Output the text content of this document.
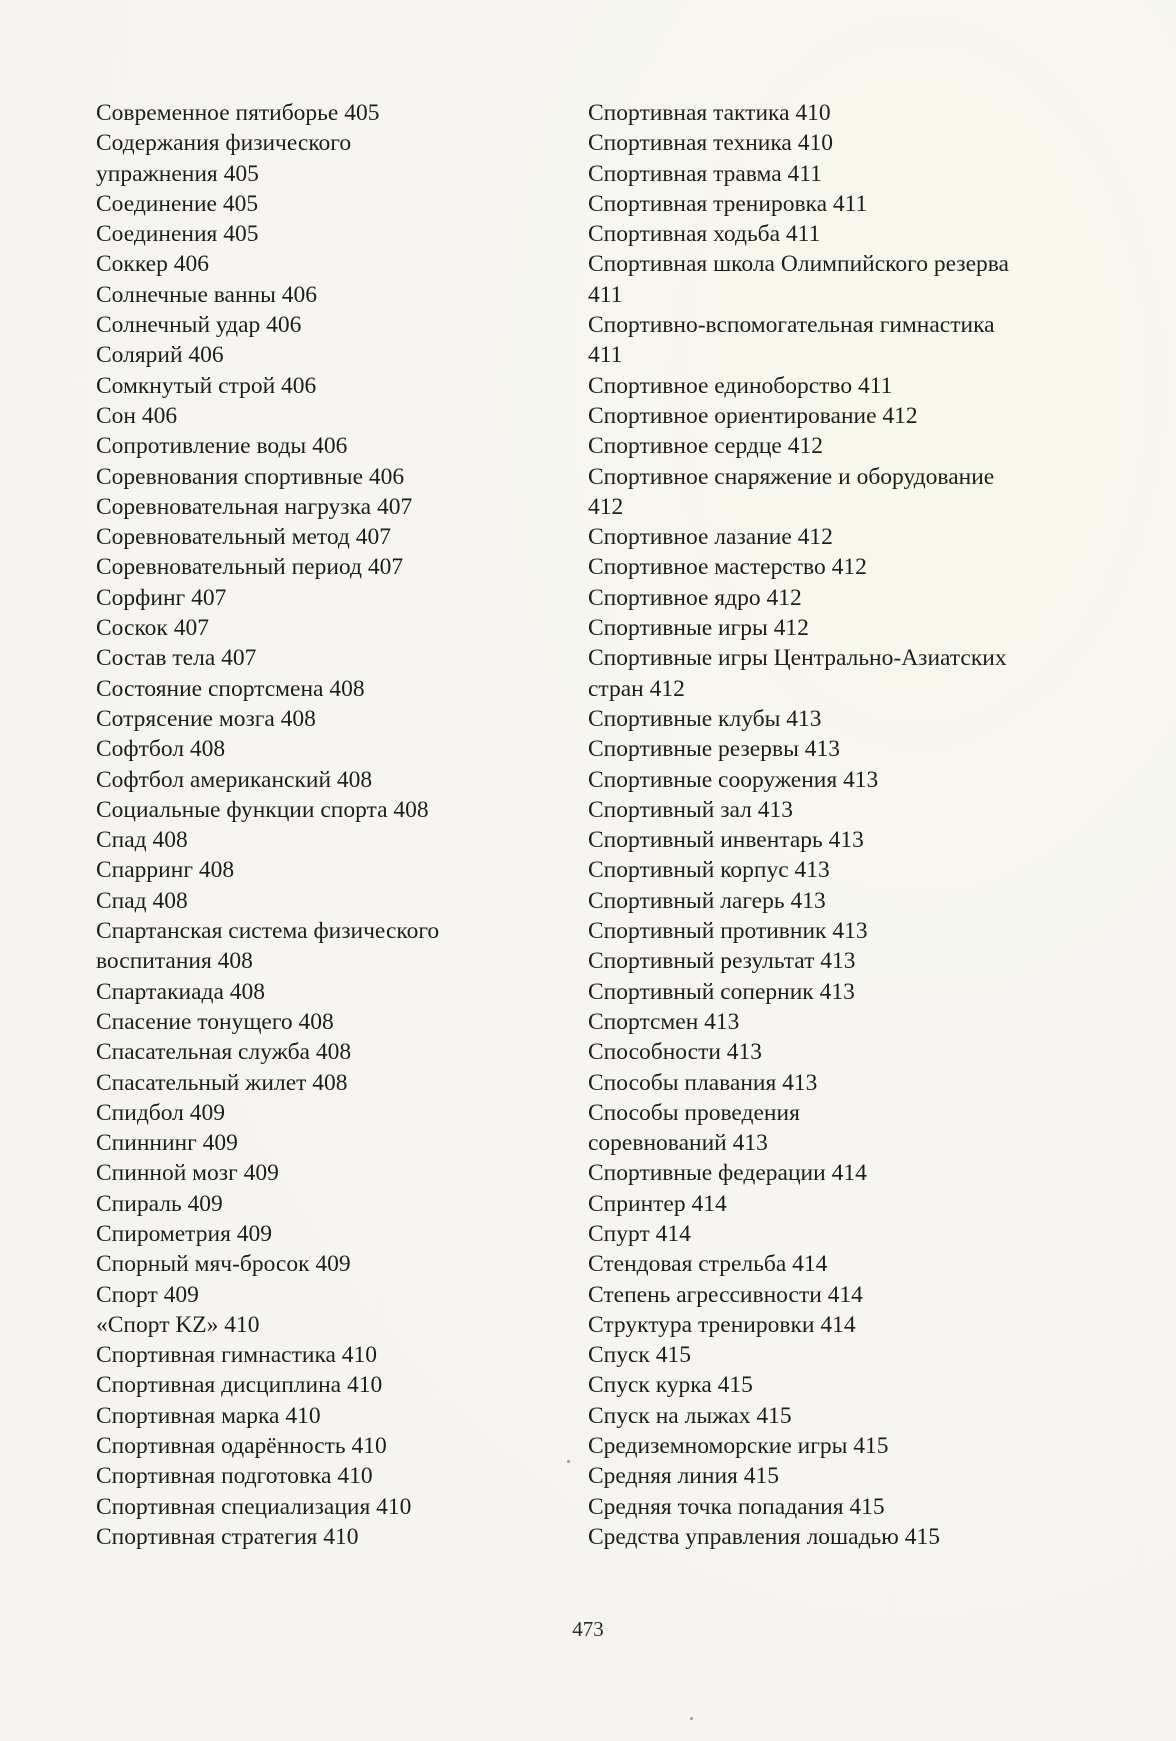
Современное пятиборье 405
Содержания физического
упражнения 405
Соединение 405
Соединения 405
Соккер 406
Солнечные ванны 406
Солнечный удар 406
Солярий 406
Сомкнутый строй 406
Сон 406
Сопротивление воды 406
Соревнования спортивные 406
Соревновательная нагрузка 407
Соревновательный метод 407
Соревновательный период 407
Сорфинг 407
Соскок 407
Состав тела 407
Состояние спортсмена 408
Сотрясение мозга 408
Софтбол 408
Софтбол американский 408
Социальные функции спорта 408
Спад 408
Спарринг 408
Спад 408
Спартанская система физического
воспитания 408
Спартакиада 408
Спасение тонущего 408
Спасательная служба 408
Спасательный жилет 408
Спидбол 409
Спиннинг 409
Спинной мозг 409
Спираль 409
Спирометрия 409
Спорный мяч-бросок 409
Спорт 409
«Спорт KZ» 410
Спортивная гимнастика 410
Спортивная дисциплина 410
Спортивная марка 410
Спортивная одарённость 410
Спортивная подготовка 410
Спортивная специализация 410
Спортивная стратегия 410
Спортивная тактика 410
Спортивная техника 410
Спортивная травма 411
Спортивная тренировка 411
Спортивная ходьба 411
Спортивная школа Олимпийского резерва
411
Спортивно-вспомогательная гимнастика
411
Спортивное единоборство 411
Спортивное ориентирование 412
Спортивное сердце 412
Спортивное снаряжение и оборудование
412
Спортивное лазание 412
Спортивное мастерство 412
Спортивное ядро 412
Спортивные игры 412
Спортивные игры Центрально-Азиатских
стран 412
Спортивные клубы 413
Спортивные резервы 413
Спортивные сооружения 413
Спортивный зал 413
Спортивный инвентарь 413
Спортивный корпус 413
Спортивный лагерь 413
Спортивный противник 413
Спортивный результат 413
Спортивный соперник 413
Спортсмен 413
Способности 413
Способы плавания 413
Способы проведения
соревнований 413
Спортивные федерации 414
Спринтер 414
Спурт 414
Стендовая стрельба 414
Степень агрессивности 414
Структура тренировки 414
Спуск 415
Спуск курка 415
Спуск на лыжах 415
Средиземноморские игры 415
Средняя линия 415
Средняя точка попадания 415
Средства управления лошадью 415
473
